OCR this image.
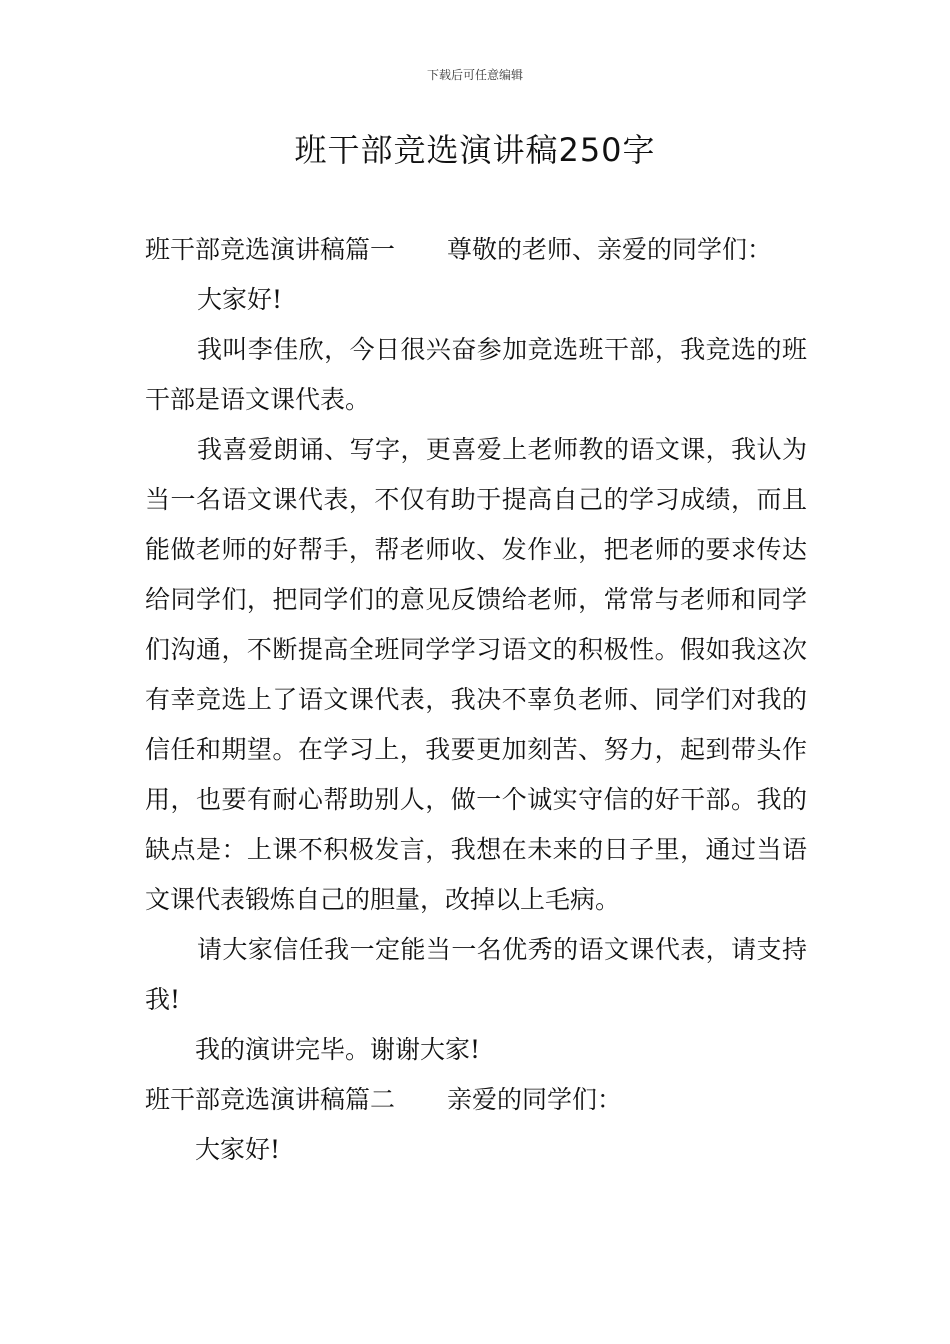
下载后可任意编辑
班干部竞选演讲稿250字

班干部竞选演讲稿篇一 尊敬的老师、亲爱的同学们：

大家好!

我叫李佳欣，今日很兴奋参加竞选班干部，我竞选的班干部是语文课代表。

我喜爱朗诵、写字，更喜爱上老师教的语文课，我认为当一名语文课代表，不仅有助于提高自己的学习成绩，而且能做老师的好帮手，帮老师收、发作业，把老师的要求传达给同学们，把同学们的意见反馈给老师，常常与老师和同学们沟通，不断提高全班同学学习语文的积极性。假如我这次有幸竞选上了语文课代表，我决不辜负老师、同学们对我的信任和期望。在学习上，我要更加刻苦、努力，起到带头作用，也要有耐心帮助别人，做一个诚实守信的好干部。我的缺点是：上课不积极发言，我想在未来的日子里，通过当语文课代表锻炼自己的胆量，改掉以上毛病。

请大家信任我一定能当一名优秀的语文课代表，请支持我!

我的演讲完毕。谢谢大家!

班干部竞选演讲稿篇二 亲爱的同学们：

大家好!
